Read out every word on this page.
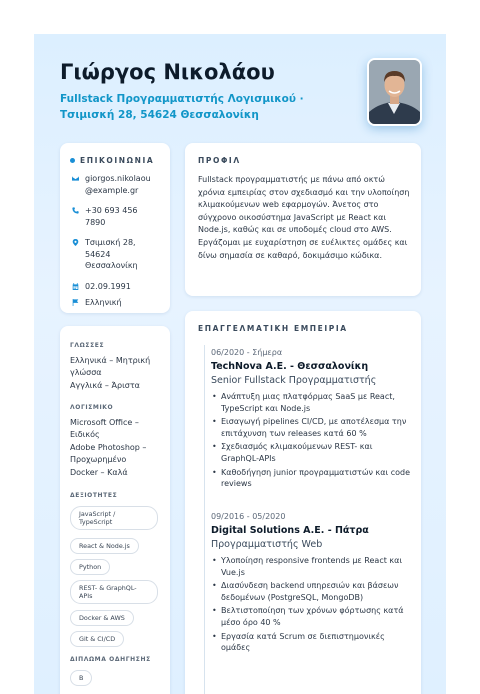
Γιώργος Νικολάου
Fullstack Προγραμματιστής Λογισμικού · Τσιμισκή 28, 54624 Θεσσαλονίκη
ΕΠΙΚΟΙΝΩΝΙΑ
giorgos.nikolaou @example.gr
+30 693 456 7890
Τσιμισκή 28, 54624 Θεσσαλονίκη
02.09.1991
Ελληνική
ΠΡΟΦΙΛ
Fullstack προγραμματιστής με πάνω από οκτώ χρόνια εμπειρίας στον σχεδιασμό και την υλοποίηση κλιμακούμενων web εφαρμογών. Άνετος στο σύγχρονο οικοσύστημα JavaScript με React και Node.js, καθώς και σε υποδομές cloud στο AWS. Εργάζομαι με ευχαρίστηση σε ευέλικτες ομάδες και δίνω σημασία σε καθαρό, δοκιμάσιμο κώδικα.
ΓΛΩΣΣΕΣ
Ελληνικά – Μητρική γλώσσα
Αγγλικά – Άριστα
ΛΟΓΙΣΜΙΚΟ
Microsoft Office – Ειδικός
Adobe Photoshop – Προχωρημένο
Docker – Καλά
ΔΕΞΙΟΤΗΤΕΣ
JavaScript / TypeScript
React & Node.js
Python
REST- & GraphQL-APIs
Docker & AWS
Git & CI/CD
ΔΙΠΛΩΜΑ ΟΔΗΓΗΣΗΣ
B
ΕΠΑΓΓΕΛΜΑΤΙΚΗ ΕΜΠΕΙΡΙΑ
06/2020 - Σήμερα
TechNova A.E. - Θεσσαλονίκη
Senior Fullstack Προγραμματιστής
• Ανάπτυξη μιας πλατφόρμας SaaS με React, TypeScript και Node.js
• Εισαγωγή pipelines CI/CD, με αποτέλεσμα την επιτάχυνση των releases κατά 60 %
• Σχεδιασμός κλιμακούμενων REST- και GraphQL-APIs
• Καθοδήγηση junior προγραμματιστών και code reviews
09/2016 - 05/2020
Digital Solutions A.E. - Πάτρα
Προγραμματιστής Web
• Υλοποίηση responsive frontends με React και Vue.js
• Διασύνδεση backend υπηρεσιών και βάσεων δεδομένων (PostgreSQL, MongoDB)
• Βελτιστοποίηση των χρόνων φόρτωσης κατά μέσο όρο 40 %
• Εργασία κατά Scrum σε διεπιστημονικές ομάδες
